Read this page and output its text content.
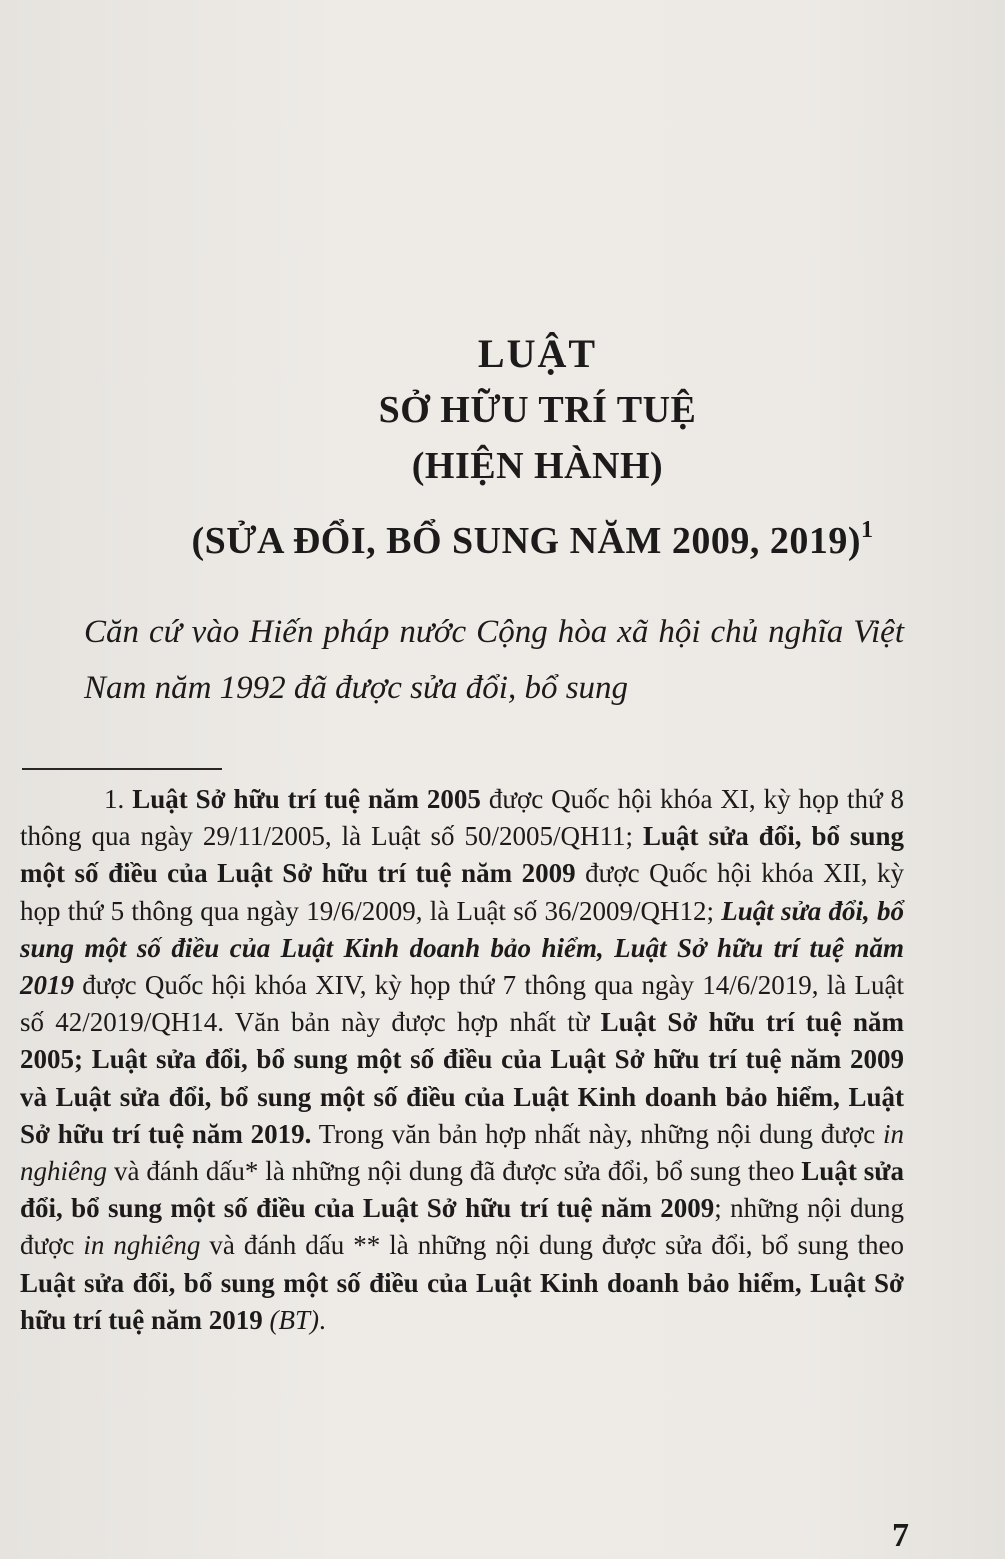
LUẬT
SỞ HỮU TRÍ TUỆ
(HIỆN HÀNH)
(SỬA ĐỔI, BỔ SUNG NĂM 2009, 2019)$^1$
Căn cứ vào Hiến pháp nước Cộng hòa xã hội chủ nghĩa Việt Nam năm 1992 đã được sửa đổi, bổ sung
1. Luật Sở hữu trí tuệ năm 2005 được Quốc hội khóa XI, kỳ họp thứ 8 thông qua ngày 29/11/2005, là Luật số 50/2005/QH11; Luật sửa đổi, bổ sung một số điều của Luật Sở hữu trí tuệ năm 2009 được Quốc hội khóa XII, kỳ họp thứ 5 thông qua ngày 19/6/2009, là Luật số 36/2009/QH12; Luật sửa đổi, bổ sung một số điều của Luật Kinh doanh bảo hiểm, Luật Sở hữu trí tuệ năm 2019 được Quốc hội khóa XIV, kỳ họp thứ 7 thông qua ngày 14/6/2019, là Luật số 42/2019/QH14. Văn bản này được hợp nhất từ Luật Sở hữu trí tuệ năm 2005; Luật sửa đổi, bổ sung một số điều của Luật Sở hữu trí tuệ năm 2009 và Luật sửa đổi, bổ sung một số điều của Luật Kinh doanh bảo hiểm, Luật Sở hữu trí tuệ năm 2019. Trong văn bản hợp nhất này, những nội dung được in nghiêng và đánh dấu* là những nội dung đã được sửa đổi, bổ sung theo Luật sửa đổi, bổ sung một số điều của Luật Sở hữu trí tuệ năm 2009; những nội dung được in nghiêng và đánh dấu ** là những nội dung được sửa đổi, bổ sung theo Luật sửa đổi, bổ sung một số điều của Luật Kinh doanh bảo hiểm, Luật Sở hữu trí tuệ năm 2019 (BT).
7
